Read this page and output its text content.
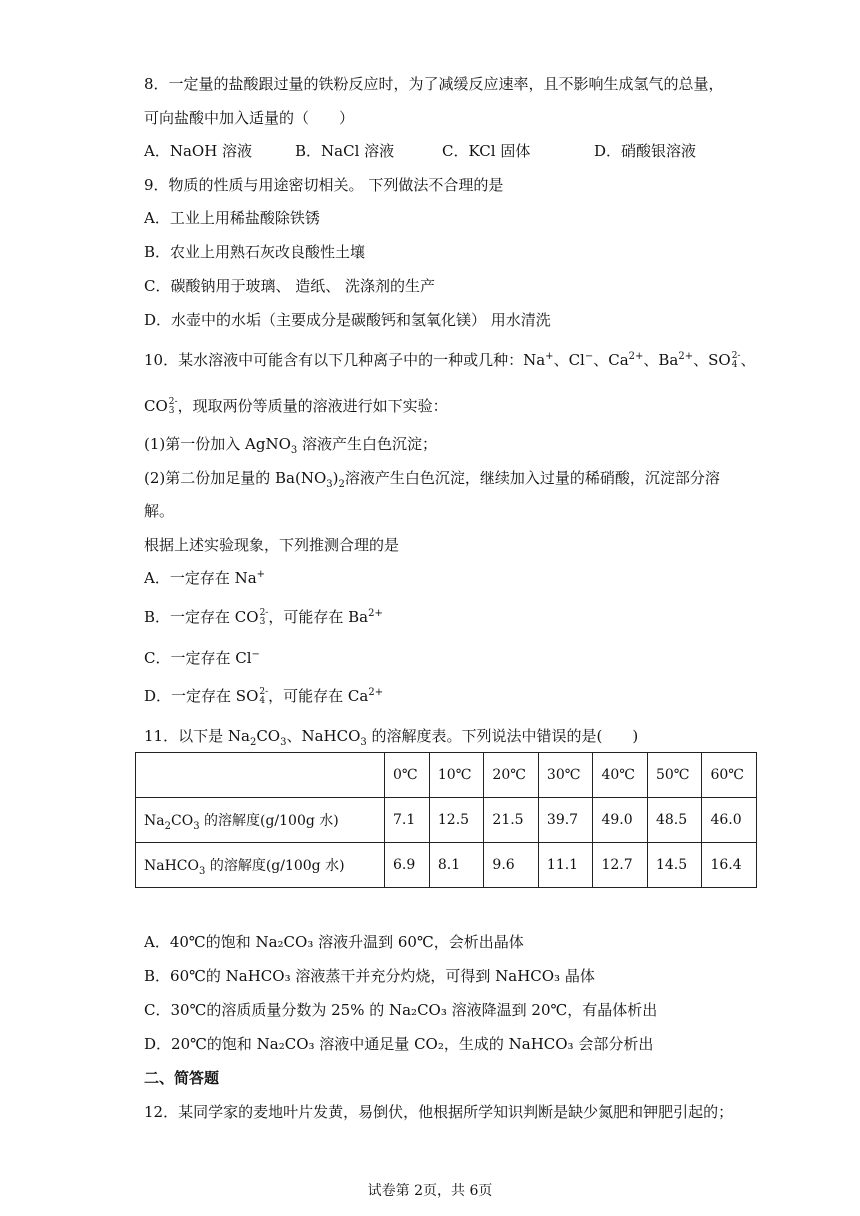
8．一定量的盐酸跟过量的铁粉反应时，为了减缓反应速率，且不影响生成氢气的总量，
可向盐酸中加入适量的（　　）
A．NaOH 溶液	B．NaCl 溶液	C．KCl 固体	D．硝酸银溶液
9．物质的性质与用途密切相关。 下列做法不合理的是
A．工业上用稀盐酸除铁锈
B．农业上用熟石灰改良酸性土壤
C．碳酸钠用于玻璃、 造纸、 洗涤剂的生产
D．水壶中的水垢（主要成分是碳酸钙和氢氧化镁） 用水清洗
10．某水溶液中可能含有以下几种离子中的一种或几种：Na+、Cl−、$Ca^{2+}$、$Ba^{2+}$、SO 2-
4 、
CO 2-
3 ，现取两份等质量的溶液进行如下实验：
(1)第一份加入 AgNO$_3$ 溶液产生白色沉淀；
(2)第二份加足量的 $Ba(NO_3)_2$溶液产生白色沉淀，继续加入过量的稀硝酸，沉淀部分溶
解。
根据上述实验现象，下列推测合理的是
A．一定存在 Na+
B．一定存在 CO 2-
3 ，可能存在 $Ba^{2+}$
C．一定存在 Cl−
D．一定存在 SO 2-
4 ，可能存在 $Ca^{2+}$
11．以下是 $Na_2CO_3$、NaHCO$_3$ 的溶解度表。下列说法中错误的是(　　)
	0℃	10℃	20℃	30℃	40℃	50℃	60℃
$Na_2CO_3$ 的溶解度(g/100g 水)	7.1	12.5	21.5	39.7	49.0	48.5	46.0
NaHCO$_3$ 的溶解度(g/100g 水)	6.9	8.1	9.6	11.1	12.7	14.5	16.4
A．40℃的饱和 Na₂CO₃ 溶液升温到 60℃，会析出晶体
B．60℃的 NaHCO₃ 溶液蒸干并充分灼烧，可得到 NaHCO₃ 晶体
C．30℃的溶质质量分数为 25% 的 Na₂CO₃ 溶液降温到 20℃，有晶体析出
D．20℃的饱和 Na₂CO₃ 溶液中通足量 CO₂，生成的 NaHCO₃ 会部分析出
二、简答题
12．某同学家的麦地叶片发黄，易倒伏，他根据所学知识判断是缺少氮肥和钾肥引起的；
试卷第 2页，共 6页
